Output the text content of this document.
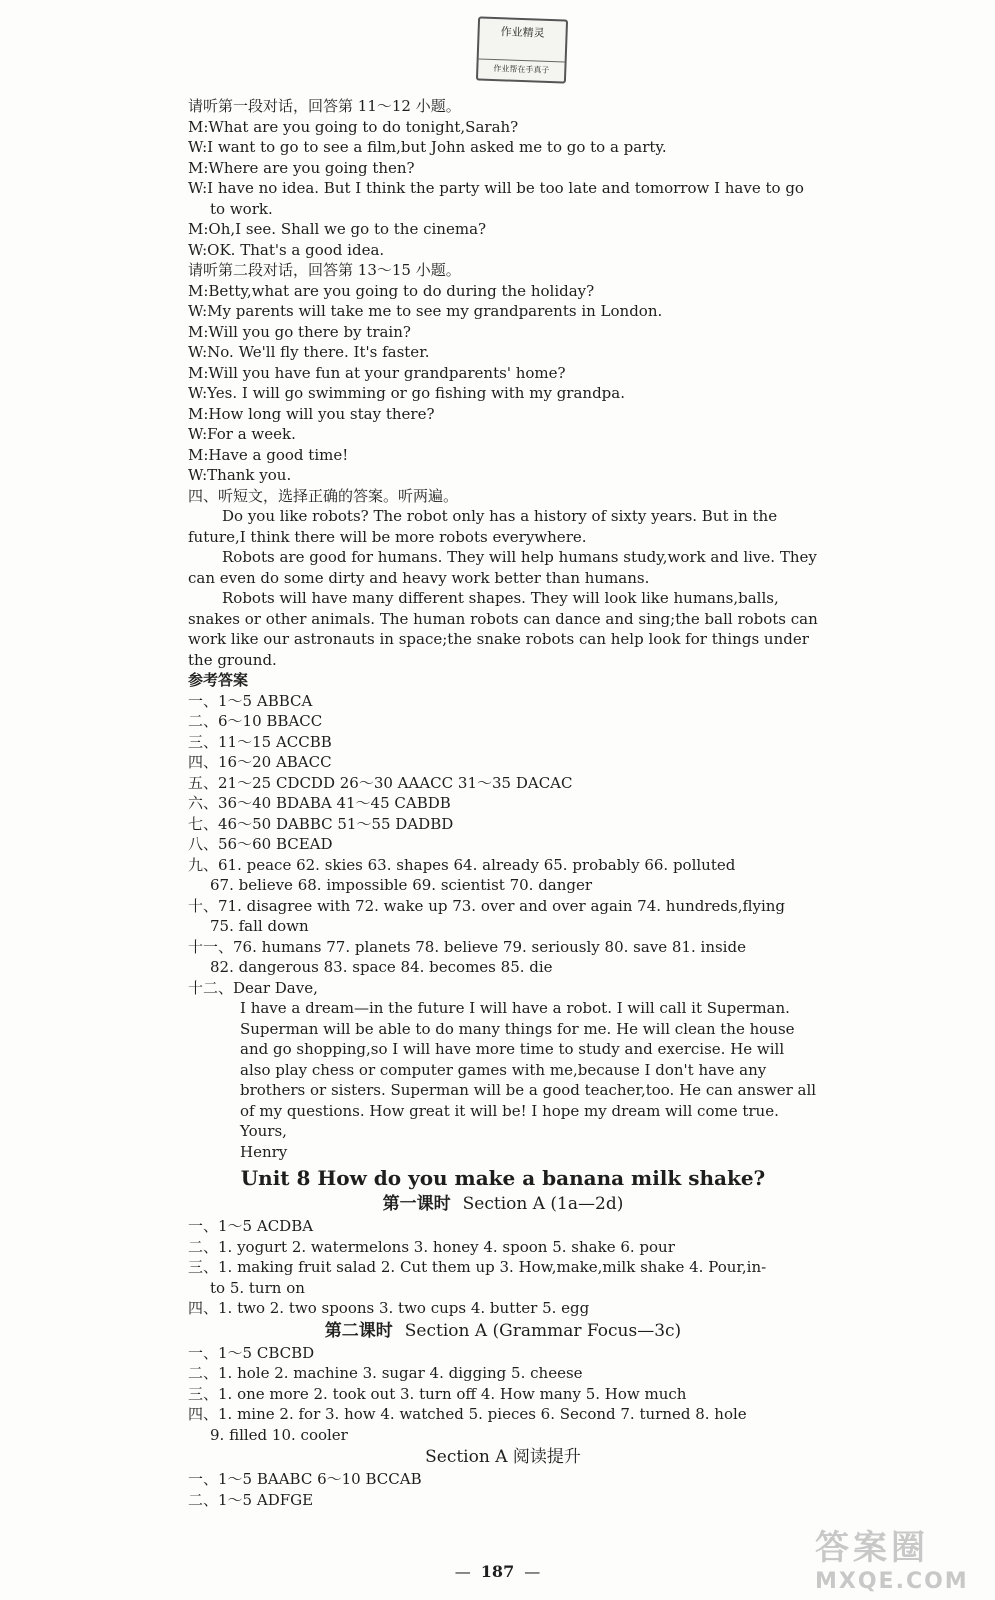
作业精灵
作业帮在手真子
请听第一段对话，回答第 11～12 小题。
M:What are you going to do tonight,Sarah?
W:I want to go to see a film,but John asked me to go to a party.
M:Where are you going then?
W:I have no idea. But I think the party will be too late and tomorrow I have to go
to work.
M:Oh,I see. Shall we go to the cinema?
W:OK. That's a good idea.
请听第二段对话，回答第 13～15 小题。
M:Betty,what are you going to do during the holiday?
W:My parents will take me to see my grandparents in London.
M:Will you go there by train?
W:No. We'll fly there. It's faster.
M:Will you have fun at your grandparents' home?
W:Yes. I will go swimming or go fishing with my grandpa.
M:How long will you stay there?
W:For a week.
M:Have a good time!
W:Thank you.
四、听短文，选择正确的答案。听两遍。
Do you like robots? The robot only has a history of sixty years. But in the future,I think there will be more robots everywhere.
Robots are good for humans. They will help humans study,work and live. They can even do some dirty and heavy work better than humans.
Robots will have many different shapes. They will look like humans,balls, snakes or other animals. The human robots can dance and sing;the ball robots can work like our astronauts in space;the snake robots can help look for things under the ground.
参考答案
一、1～5 ABBCA
二、6～10 BBACC
三、11～15 ACCBB
四、16～20 ABACC
五、21～25 CDCDD 26～30 AAACC 31～35 DACAC
六、36～40 BDABA 41～45 CABDB
七、46～50 DABBC 51～55 DADBD
八、56～60 BCEAD
九、61. peace 62. skies 63. shapes 64. already 65. probably 66. polluted
67. believe 68. impossible 69. scientist 70. danger
十、71. disagree with 72. wake up 73. over and over again 74. hundreds,flying
75. fall down
十一、76. humans 77. planets 78. believe 79. seriously 80. save 81. inside
82. dangerous 83. space 84. becomes 85. die
十二、Dear Dave,
I have a dream—in the future I will have a robot. I will call it Superman. Superman will be able to do many things for me. He will clean the house and go shopping,so I will have more time to study and exercise. He will also play chess or computer games with me,because I don't have any brothers or sisters. Superman will be a good teacher,too. He can answer all of my questions. How great it will be! I hope my dream will come true.
Yours,
Henry
Unit 8 How do you make a banana milk shake?
第一课时 Section A (1a—2d)
一、1～5 ACDBA
二、1. yogurt 2. watermelons 3. honey 4. spoon 5. shake 6. pour
三、1. making fruit salad 2. Cut them up 3. How,make,milk shake 4. Pour,in-
to 5. turn on
四、1. two 2. two spoons 3. two cups 4. butter 5. egg
第二课时 Section A (Grammar Focus—3c)
一、1～5 CBCBD
二、1. hole 2. machine 3. sugar 4. digging 5. cheese
三、1. one more 2. took out 3. turn off 4. How many 5. How much
四、1. mine 2. for 3. how 4. watched 5. pieces 6. Second 7. turned 8. hole
9. filled 10. cooler
Section A 阅读提升
一、1～5 BAABC 6～10 BCCAB
二、1～5 ADFGE
— 187 —
答案圈
MXQE.COM
